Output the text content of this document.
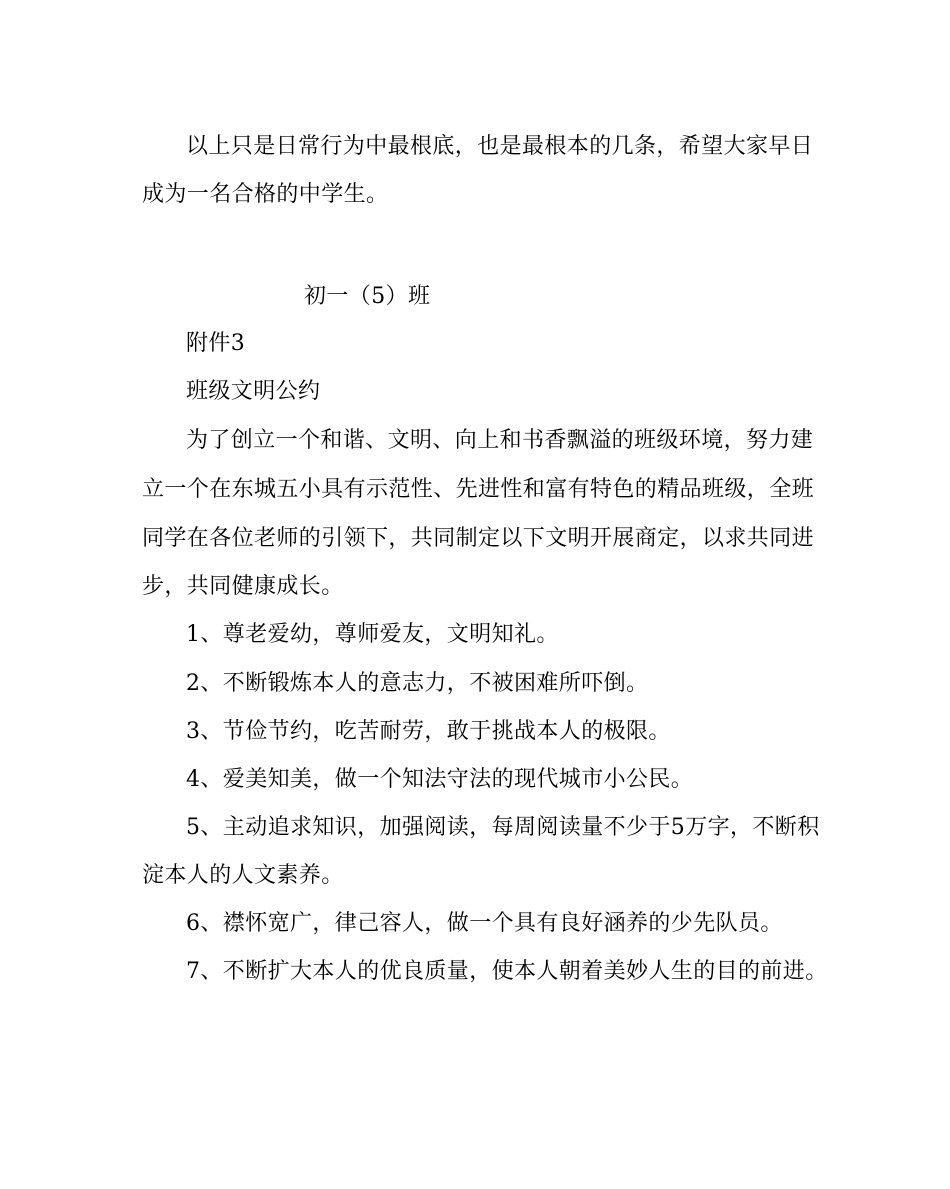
以上只是日常行为中最根底，也是最根本的几条，希望大家早日
成为一名合格的中学生。
初一（5）班
附件3
班级文明公约
为了创立一个和谐、文明、向上和书香飘溢的班级环境，努力建
立一个在东城五小具有示范性、先进性和富有特色的精品班级，全班
同学在各位老师的引领下，共同制定以下文明开展商定，以求共同进
步，共同健康成长。
1、尊老爱幼，尊师爱友，文明知礼。
2、不断锻炼本人的意志力，不被困难所吓倒。
3、节俭节约，吃苦耐劳，敢于挑战本人的极限。
4、爱美知美，做一个知法守法的现代城市小公民。
5、主动追求知识，加强阅读，每周阅读量不少于5万字，不断积
淀本人的人文素养。
6、襟怀宽广，律己容人，做一个具有良好涵养的少先队员。
7、不断扩大本人的优良质量，使本人朝着美妙人生的目的前进。
